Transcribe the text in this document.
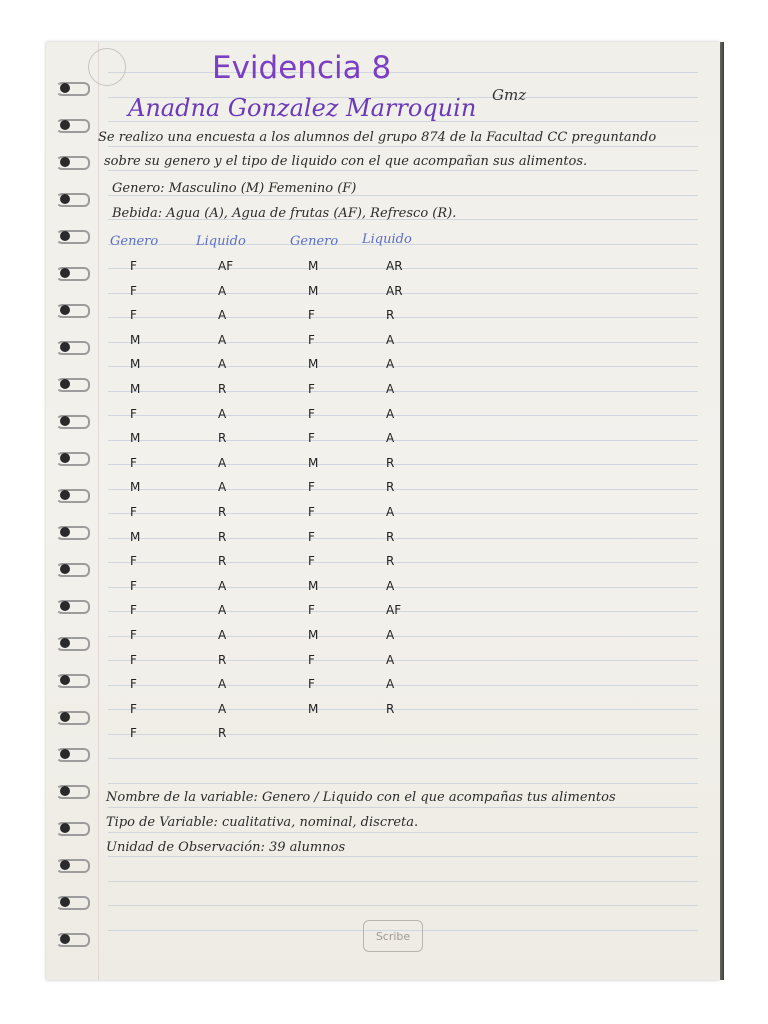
Evidencia 8
Anadna Gonzalez Marroquin Gmz
Se realizo una encuesta a los alumnos del grupo 874 de la Facultad CC preguntando
sobre su genero y el tipo de liquido con el que acompañan sus alimentos.
Genero: Masculino (M) Femenino (F)
Bebida: Agua (A), Agua de frutas (AF), Refresco (R).
Genero	Liquido	Genero Liquido
F	AF	M	AR
F	A	M	AR
F	A	F	R
M	A	F	A
M	A	M	A
M	R	F	A
F	A	F	A
M	R	F	A
F	A	M	R
M	A	F	R
F	R	F	A
M	R	F	R
F	R	F	R
F	A	M	A
F	A	F	AF
F	A	M	A
F	R	F	A
F	A	F	A
F	A	M	R
F	R
Nombre de la variable: Genero / Liquido con el que acompañas tus alimentos
Tipo de Variable: cualitativa, nominal, discreta.
Unidad de Observación: 39 alumnos
Scribe
